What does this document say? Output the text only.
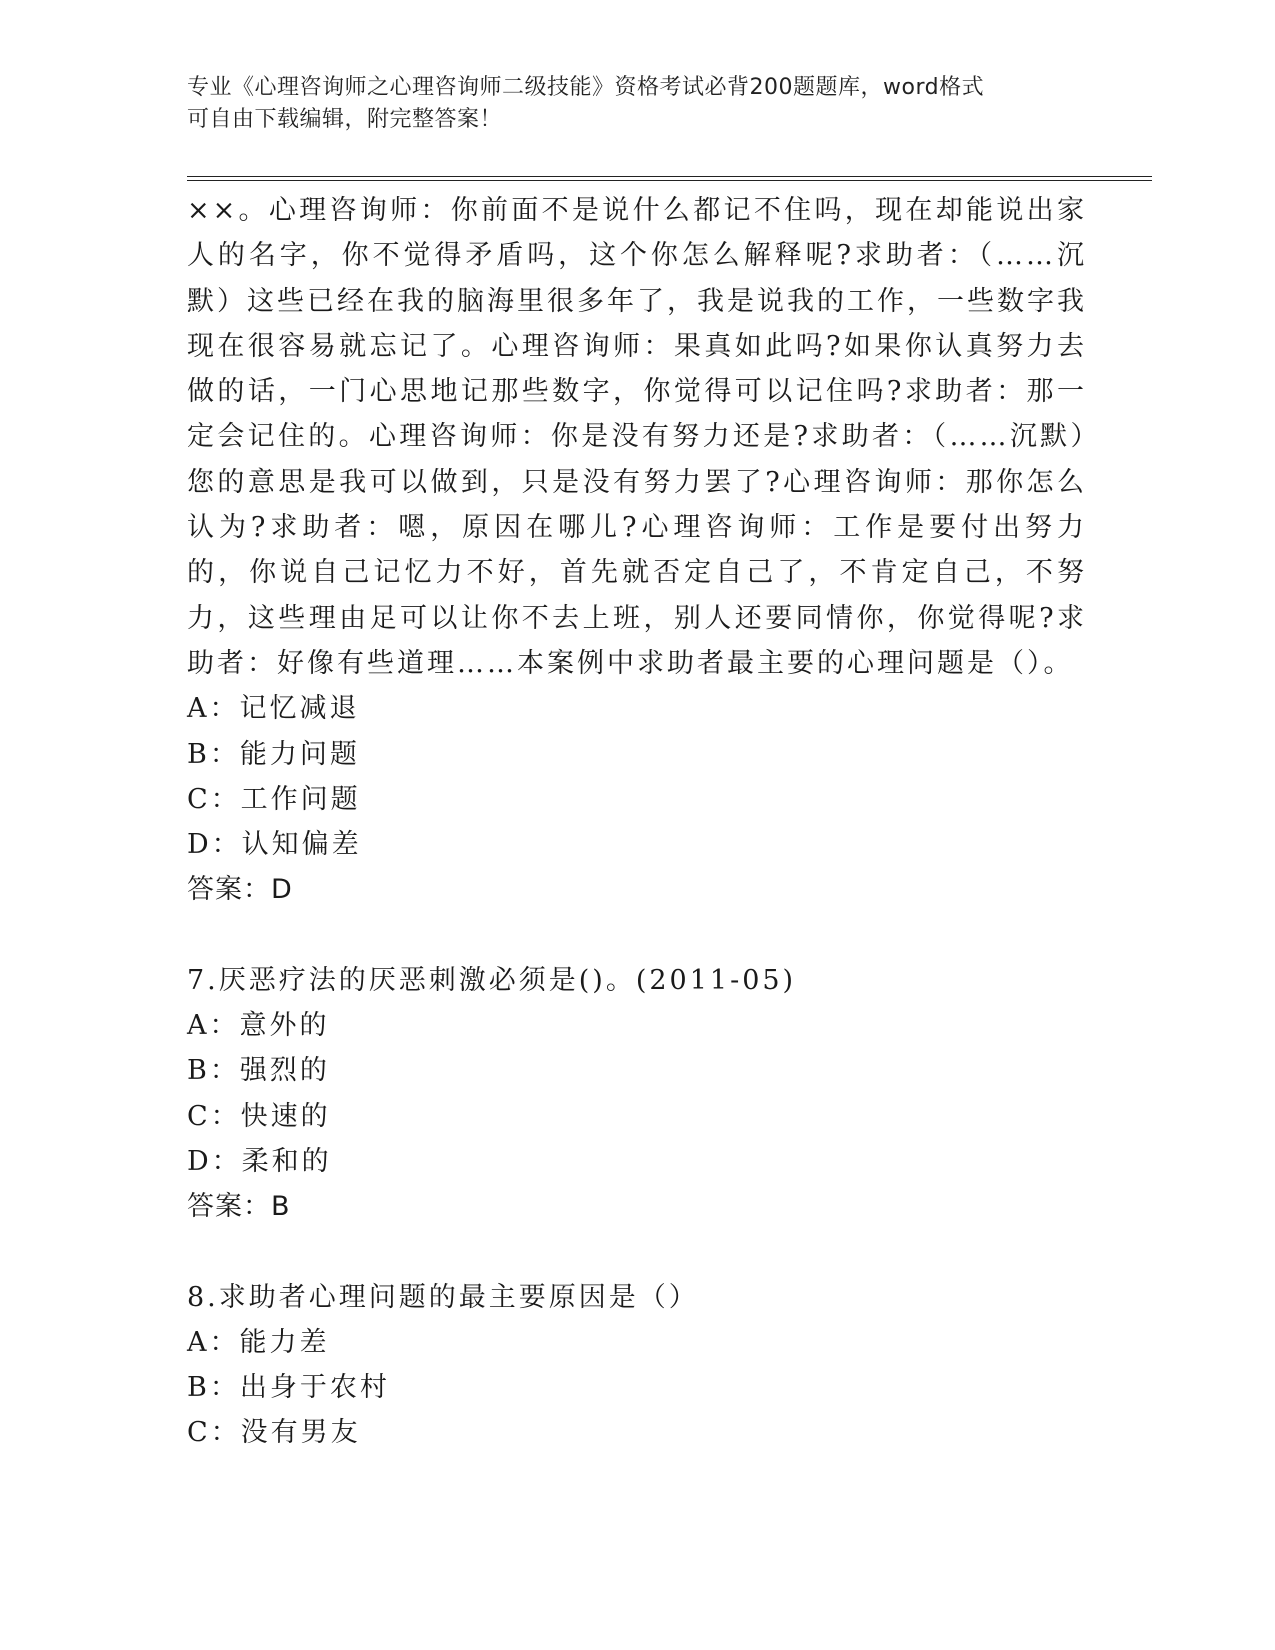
专业《心理咨询师之心理咨询师二级技能》资格考试必背200题题库，word格式
可自由下载编辑，附完整答案！

××。心理咨询师：你前面不是说什么都记不住吗，现在却能说出家人的名字，你不觉得矛盾吗，这个你怎么解释呢?求助者：（……沉默）这些已经在我的脑海里很多年了，我是说我的工作，一些数字我现在很容易就忘记了。心理咨询师：果真如此吗?如果你认真努力去做的话，一门心思地记那些数字，你觉得可以记住吗?求助者：那一定会记住的。心理咨询师：你是没有努力还是?求助者：（……沉默）您的意思是我可以做到，只是没有努力罢了?心理咨询师：那你怎么认为?求助者：嗯，原因在哪儿?心理咨询师：工作是要付出努力的，你说自己记忆力不好，首先就否定自己了，不肯定自己，不努力，这些理由足可以让你不去上班，别人还要同情你，你觉得呢?求助者：好像有些道理……本案例中求助者最主要的心理问题是（）。

A：记忆减退

B：能力问题

C：工作问题

D：认知偏差

答案：D

7.厌恶疗法的厌恶刺激必须是()。(2011-05)

A：意外的

B：强烈的

C：快速的

D：柔和的

答案：B

8.求助者心理问题的最主要原因是（）

A：能力差

B：出身于农村

C：没有男友
